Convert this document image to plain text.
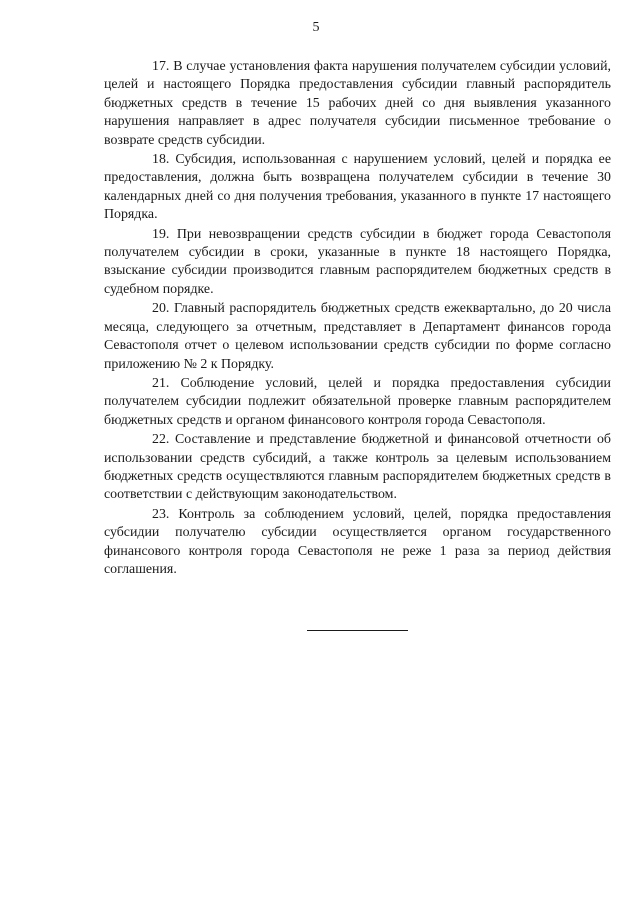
5

17. В случае установления факта нарушения получателем субсидии условий, целей и настоящего Порядка предоставления субсидии главный распорядитель бюджетных средств в течение 15 рабочих дней со дня выявления указанного нарушения направляет в адрес получателя субсидии письменное требование о возврате средств субсидии.

18. Субсидия, использованная с нарушением условий, целей и порядка ее предоставления, должна быть возвращена получателем субсидии в течение 30 календарных дней со дня получения требования, указанного в пункте 17 настоящего Порядка.

19. При невозвращении средств субсидии в бюджет города Севастополя получателем субсидии в сроки, указанные в пункте 18 настоящего Порядка, взыскание субсидии производится главным распорядителем бюджетных средств в судебном порядке.

20. Главный распорядитель бюджетных средств ежеквартально, до 20 числа месяца, следующего за отчетным, представляет в Департамент финансов города Севастополя отчет о целевом использовании средств субсидии по форме согласно приложению № 2 к Порядку.

21. Соблюдение условий, целей и порядка предоставления субсидии получателем субсидии подлежит обязательной проверке главным распорядителем бюджетных средств и органом финансового контроля города Севастополя.

22. Составление и представление бюджетной и финансовой отчетности об использовании средств субсидий, а также контроль за целевым использованием бюджетных средств осуществляются главным распорядителем бюджетных средств в соответствии с действующим законодательством.

23. Контроль за соблюдением условий, целей, порядка предоставления субсидии получателю субсидии осуществляется органом государственного финансового контроля города Севастополя не реже 1 раза за период действия соглашения.
